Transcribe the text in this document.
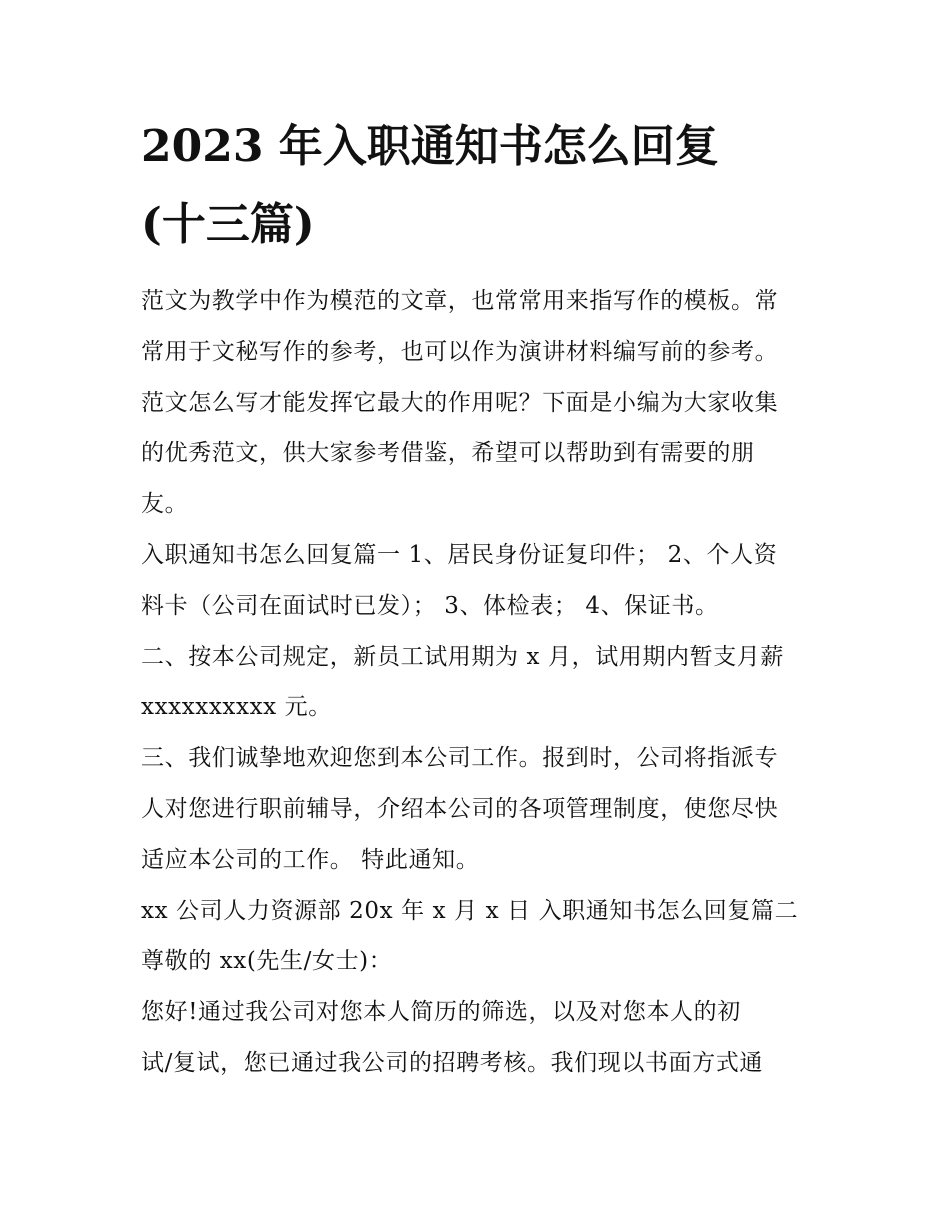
2023 年入职通知书怎么回复
(十三篇)

范文为教学中作为模范的文章，也常常用来指写作的模板。常
常用于文秘写作的参考，也可以作为演讲材料编写前的参考。
范文怎么写才能发挥它最大的作用呢？下面是小编为大家收集
的优秀范文，供大家参考借鉴，希望可以帮助到有需要的朋
友。

入职通知书怎么回复篇一 1、居民身份证复印件； 2、个人资
料卡（公司在面试时已发）； 3、体检表； 4、保证书。

二、按本公司规定，新员工试用期为 x 月，试用期内暂支月薪
xxxxxxxxxx 元。

三、我们诚挚地欢迎您到本公司工作。报到时，公司将指派专
人对您进行职前辅导，介绍本公司的各项管理制度，使您尽快
适应本公司的工作。 特此通知。

xx 公司人力资源部 20x 年 x 月 x 日 入职通知书怎么回复篇二

尊敬的 xx(先生/女士)：

您好!通过我公司对您本人简历的筛选，以及对您本人的初
试/复试，您已通过我公司的招聘考核。我们现以书面方式通
